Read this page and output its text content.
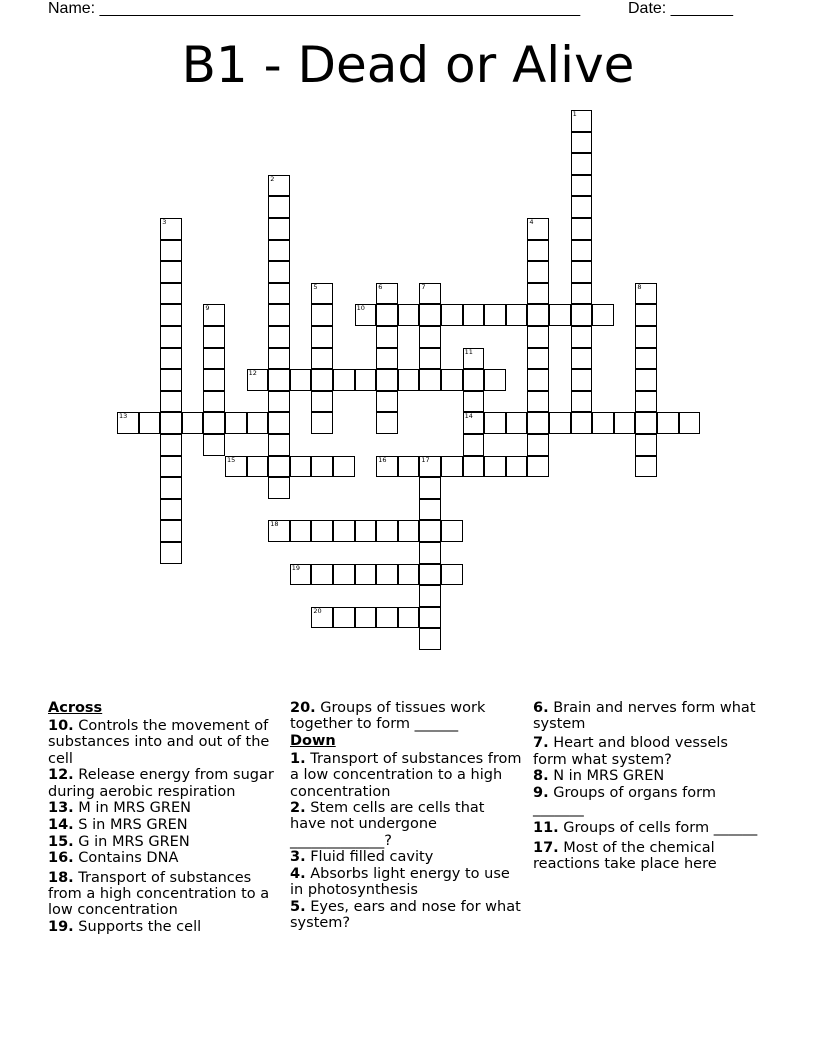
Name: ______________________________________________________	Date: _______
B1 - Dead or Alive
1
2
3	4
5	6	7	8
9	10
11
12
13	14
15	16	17
18
19
20
Across
10. Controls the movement of substances into and out of the cell
12. Release energy from sugar during aerobic respiration
13. M in MRS GREN
14. S in MRS GREN
15. G in MRS GREN
16. Contains DNA
18. Transport of substances from a high concentration to a low concentration
19. Supports the cell
20. Groups of tissues work together to form ______
Down
1. Transport of substances from a low concentration to a high concentration
2. Stem cells are cells that have not undergone _____________?
3. Fluid filled cavity
4. Absorbs light energy to use in photosynthesis
5. Eyes, ears and nose for what system?
6. Brain and nerves form what system
7. Heart and blood vessels form what system?
8. N in MRS GREN
9. Groups of organs form _______
11. Groups of cells form ______
17. Most of the chemical reactions take place here
